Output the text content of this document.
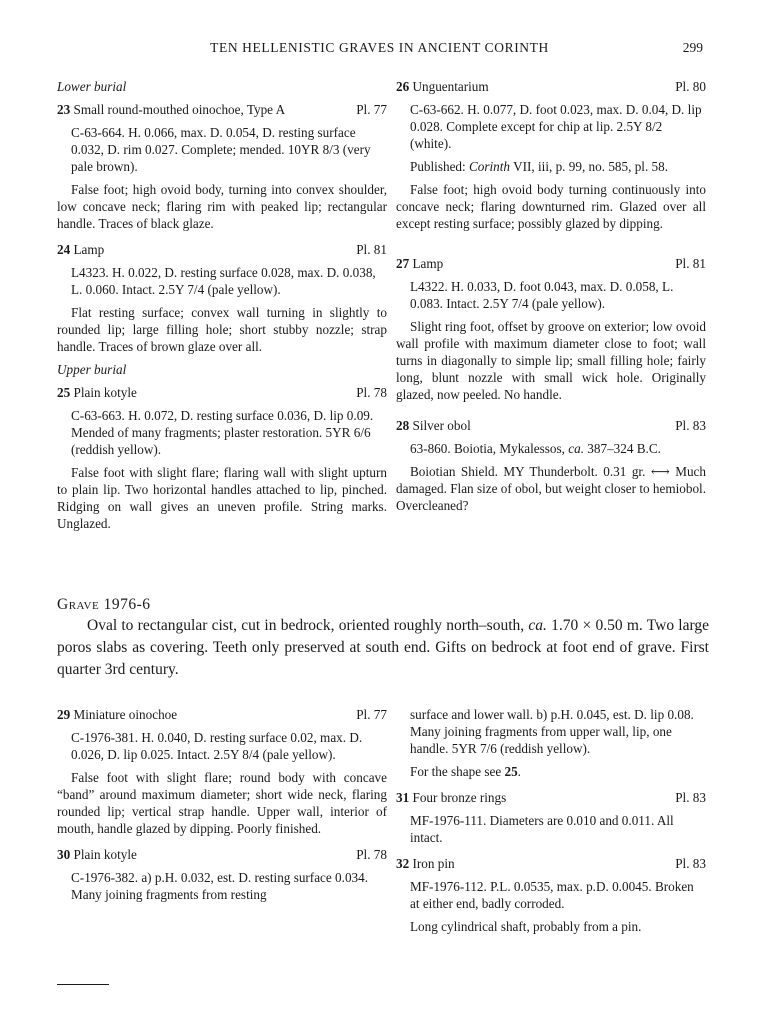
TEN HELLENISTIC GRAVES IN ANCIENT CORINTH	299

Lower burial

23 Small round-mouthed oinochoe, Type A	Pl. 77

C-63-664. H. 0.066, max. D. 0.054, D. resting surface 0.032, D. rim 0.027. Complete; mended. 10YR 8/3 (very pale brown).

False foot; high ovoid body, turning into convex shoulder, low concave neck; flaring rim with peaked lip; rectangular handle. Traces of black glaze.

24 Lamp	Pl. 81

L4323. H. 0.022, D. resting surface 0.028, max. D. 0.038, L. 0.060. Intact. 2.5Y 7/4 (pale yellow).

Flat resting surface; convex wall turning in slightly to rounded lip; large filling hole; short stubby nozzle; strap handle. Traces of brown glaze over all.

Upper burial

25 Plain kotyle	Pl. 78

C-63-663. H. 0.072, D. resting surface 0.036, D. lip 0.09. Mended of many fragments; plaster restoration. 5YR 6/6 (reddish yellow).

False foot with slight flare; flaring wall with slight upturn to plain lip. Two horizontal handles attached to lip, pinched. Ridging on wall gives an uneven profile. String marks. Unglazed.

26 Unguentarium	Pl. 80

C-63-662. H. 0.077, D. foot 0.023, max. D. 0.04, D. lip 0.028. Complete except for chip at lip. 2.5Y 8/2 (white).

Published: Corinth VII, iii, p. 99, no. 585, pl. 58.

False foot; high ovoid body turning continuously into concave neck; flaring downturned rim. Glazed over all except resting surface; possibly glazed by dipping.

27 Lamp	Pl. 81

L4322. H. 0.033, D. foot 0.043, max. D. 0.058, L. 0.083. Intact. 2.5Y 7/4 (pale yellow).

Slight ring foot, offset by groove on exterior; low ovoid wall profile with maximum diameter close to foot; wall turns in diagonally to simple lip; small filling hole; fairly long, blunt nozzle with small wick hole. Originally glazed, now peeled. No handle.

28 Silver obol	Pl. 83

63-860. Boiotia, Mykalessos, ca. 387–324 B.C.

Boiotian Shield. MY Thunderbolt. 0.31 gr. ⟷ Much damaged. Flan size of obol, but weight closer to hemiobol. Overcleaned?

Grave 1976-6

Oval to rectangular cist, cut in bedrock, oriented roughly north–south, ca. 1.70 × 0.50 m. Two large poros slabs as covering. Teeth only preserved at south end. Gifts on bedrock at foot end of grave. First quarter 3rd century.

29 Miniature oinochoe	Pl. 77

C-1976-381. H. 0.040, D. resting surface 0.02, max. D. 0.026, D. lip 0.025. Intact. 2.5Y 8/4 (pale yellow).

False foot with slight flare; round body with concave “band” around maximum diameter; short wide neck, flaring rounded lip; vertical strap handle. Upper wall, interior of mouth, handle glazed by dipping. Poorly finished.

30 Plain kotyle	Pl. 78

C-1976-382. a) p.H. 0.032, est. D. resting surface 0.034. Many joining fragments from resting

surface and lower wall. b) p.H. 0.045, est. D. lip 0.08. Many joining fragments from upper wall, lip, one handle. 5YR 7/6 (reddish yellow).

For the shape see 25.

31 Four bronze rings	Pl. 83

MF-1976-111. Diameters are 0.010 and 0.011. All intact.

32 Iron pin	Pl. 83

MF-1976-112. P.L. 0.0535, max. p.D. 0.0045. Broken at either end, badly corroded.

Long cylindrical shaft, probably from a pin.
